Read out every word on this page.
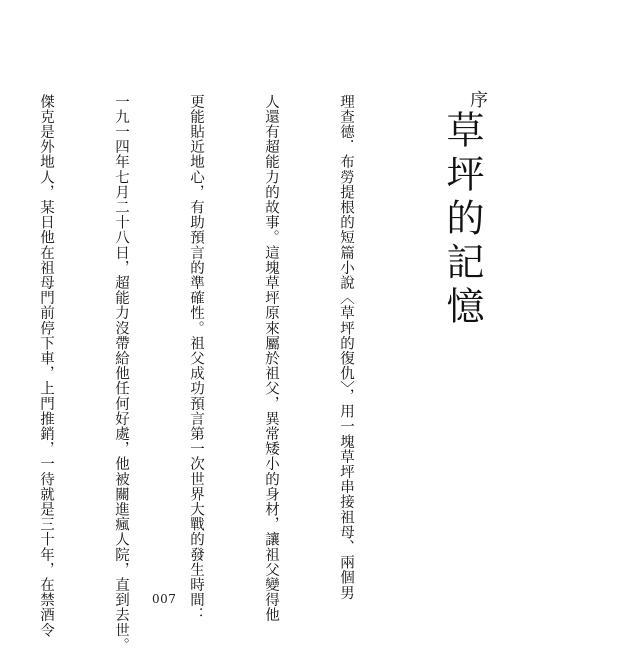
序
草坪的記憶

理查德．布勞提根的短篇小說〈草坪的復仇〉，用一塊草坪串接祖母、兩個男

人還有超能力的故事。這塊草坪原來屬於祖父，異常矮小的身材，讓祖父變得他

更能貼近地心，有助預言的準確性。祖父成功預言第一次世界大戰的發生時間：

一九一四年七月二十八日，超能力沒帶給他任何好處，他被關進瘋人院，直到去世。

傑克是外地人，某日他在祖母門前停下車，上門推銷，一待就是三十年，在禁酒令

	007
